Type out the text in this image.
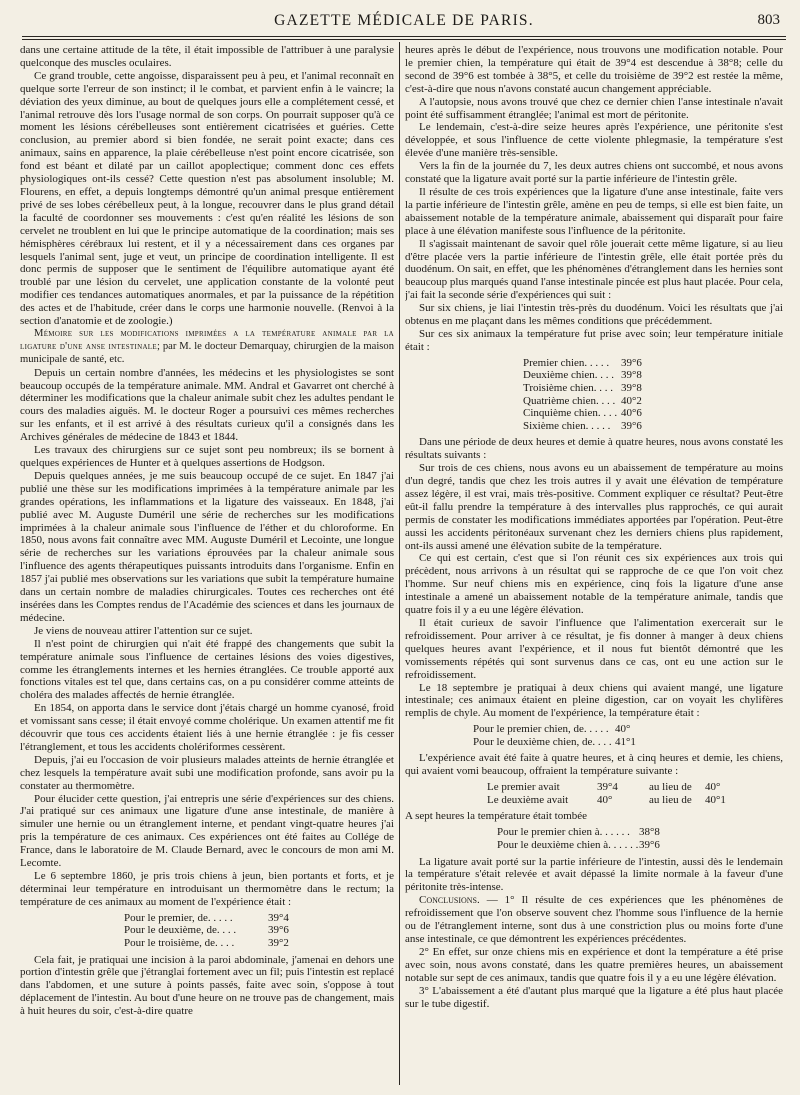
GAZETTE MÉDICALE DE PARIS.	803

dans une certaine attitude de la tête, il était impossible de l'attribuer à une paralysie quelconque des muscles oculaires.

Ce grand trouble, cette angoisse, disparaissent peu à peu, et l'animal reconnaît en quelque sorte l'erreur de son instinct; il le combat, et parvient enfin à le vaincre; la déviation des yeux diminue, au bout de quelques jours elle a complétement cessé, et l'animal retrouve dès lors l'usage normal de son corps. On pourrait supposer qu'à ce moment les lésions cérébelleuses sont entièrement cicatrisées et guéries. Cette conclusion, au premier abord si bien fondée, ne serait point exacte; dans ces animaux, sains en apparence, la plaie cérébelleuse n'est point encore cicatrisée, son fond est béant et dilaté par un caillot apoplectique; comment donc ces effets physiologiques ont-ils cessé? Cette question n'est pas absolument insoluble; M. Flourens, en effet, a depuis longtemps démontré qu'un animal presque entièrement privé de ses lobes cérébelleux peut, à la longue, recouvrer dans le plus grand détail la faculté de coordonner ses mouvements : c'est qu'en réalité les lésions de son cervelet ne troublent en lui que le principe automatique de la coordination; mais ses hémisphères cérébraux lui restent, et il y a nécessairement dans ces organes par lesquels l'animal sent, juge et veut, un principe de coordination intelligente. Il est donc permis de supposer que le sentiment de l'équilibre automatique ayant été troublé par une lésion du cervelet, une application constante de la volonté peut modifier ces tendances automatiques anormales, et par la puissance de la répétition des actes et de l'habitude, créer dans le corps une harmonie nouvelle. (Renvoi à la section d'anatomie et de zoologie.)

Mémoire sur les modifications imprimées a la température animale par la ligature d'une anse intestinale; par M. le docteur Demarquay, chirurgien de la maison municipale de santé, etc.

Depuis un certain nombre d'années, les médecins et les physiologistes se sont beaucoup occupés de la température animale. MM. Andral et Gavarret ont cherché à déterminer les modifications que la chaleur animale subit chez les adultes pendant le cours des maladies aiguës. M. le docteur Roger a poursuivi ces mêmes recherches sur les enfants, et il est arrivé à des résultats curieux qu'il a consignés dans les Archives générales de médecine de 1843 et 1844.

Les travaux des chirurgiens sur ce sujet sont peu nombreux; ils se bornent à quelques expériences de Hunter et à quelques assertions de Hodgson.

Depuis quelques années, je me suis beaucoup occupé de ce sujet. En 1847 j'ai publié une thèse sur les modifications imprimées à la température animale par les grandes opérations, les inflammations et la ligature des vaisseaux. En 1848, j'ai publié avec M. Auguste Duméril une série de recherches sur les modifications imprimées à la chaleur animale sous l'influence de l'éther et du chloroforme. En 1850, nous avons fait connaître avec MM. Auguste Duméril et Lecointe, une longue série de recherches sur les variations éprouvées par la chaleur animale sous l'influence des agents thérapeutiques puissants introduits dans l'organisme. Enfin en 1857 j'ai publié mes observations sur les variations que subit la température humaine dans un certain nombre de maladies chirurgicales. Toutes ces recherches ont été insérées dans les Comptes rendus de l'Académie des sciences et dans les journaux de médecine.

Je viens de nouveau attirer l'attention sur ce sujet.

Il n'est point de chirurgien qui n'ait été frappé des changements que subit la température animale sous l'influence de certaines lésions des voies digestives, comme les étranglements internes et les hernies étranglées. Ce trouble apporté aux fonctions vitales est tel que, dans certains cas, on a pu considérer comme atteints de choléra des malades affectés de hernie étranglée.

En 1854, on apporta dans le service dont j'étais chargé un homme cyanosé, froid et vomissant sans cesse; il était envoyé comme cholérique. Un examen attentif me fit découvrir que tous ces accidents étaient liés à une hernie étranglée : je fis cesser l'étranglement, et tous les accidents cholériformes cessèrent.

Depuis, j'ai eu l'occasion de voir plusieurs malades atteints de hernie étranglée et chez lesquels la température avait subi une modification profonde, sans avoir pu la constater au thermomètre.

Pour élucider cette question, j'ai entrepris une série d'expériences sur des chiens. J'ai pratiqué sur ces animaux une ligature d'une anse intestinale, de manière à simuler une hernie ou un étranglement interne, et pendant vingt-quatre heures j'ai pris la température de ces animaux. Ces expériences ont été faites au Collége de France, dans le laboratoire de M. Claude Bernard, avec le concours de mon ami M. Lecomte.

Le 6 septembre 1860, je pris trois chiens à jeun, bien portants et forts, et je déterminai leur température en introduisant un thermomètre dans le rectum; la température de ces animaux au moment de l'expérience était :

Pour le premier, de. . . . .	39°4
Pour le deuxième, de. . . .	39°6
Pour le troisième, de. . . .	39°2

Cela fait, je pratiquai une incision à la paroi abdominale, j'amenai en dehors une portion d'intestin grêle que j'étranglai fortement avec un fil; puis l'intestin est replacé dans l'abdomen, et une suture à points passés, faite avec soin, s'oppose à tout déplacement de l'intestin. Au bout d'une heure on ne trouve pas de changement, mais à huit heures du soir, c'est-à-dire quatre

heures après le début de l'expérience, nous trouvons une modification notable. Pour le premier chien, la température qui était de 39°4 est descendue à 38°8; celle du second de 39°6 est tombée à 38°5, et celle du troisième de 39°2 est restée la même, c'est-à-dire que nous n'avons constaté aucun changement appréciable.

A l'autopsie, nous avons trouvé que chez ce dernier chien l'anse intestinale n'avait point été suffisamment étranglée; l'animal est mort de péritonite.

Le lendemain, c'est-à-dire seize heures après l'expérience, une péritonite s'est développée, et sous l'influence de cette violente phlegmasie, la température s'est élevée d'une manière très-sensible.

Vers la fin de la journée du 7, les deux autres chiens ont succombé, et nous avons constaté que la ligature avait porté sur la partie inférieure de l'intestin grêle.

Il résulte de ces trois expériences que la ligature d'une anse intestinale, faite vers la partie inférieure de l'intestin grêle, amène en peu de temps, si elle est bien faite, un abaissement notable de la température animale, abaissement qui disparaît pour faire place à une élévation manifeste sous l'influence de la péritonite.

Il s'agissait maintenant de savoir quel rôle jouerait cette même ligature, si au lieu d'être placée vers la partie inférieure de l'intestin grêle, elle était portée près du duodénum. On sait, en effet, que les phénomènes d'étranglement dans les hernies sont beaucoup plus marqués quand l'anse intestinale pincée est plus haut placée. Pour cela, j'ai fait la seconde série d'expériences qui suit :

Sur six chiens, je liai l'intestin très-près du duodénum. Voici les résultats que j'ai obtenus en me plaçant dans les mêmes conditions que précédemment.

Sur ces six animaux la température fut prise avec soin; leur température initiale était :

Premier chien. . . . .	39°6
Deuxième chien. . . . 39°8
Troisième chien. . . . 39°8
Quatrième chien. . . . 40°2
Cinquième chien. . . . 40°6
Sixième chien. . . . . 39°6

Dans une période de deux heures et demie à quatre heures, nous avons constaté les résultats suivants :

Sur trois de ces chiens, nous avons eu un abaissement de température au moins d'un degré, tandis que chez les trois autres il y avait une élévation de température assez légère, il est vrai, mais très-positive. Comment expliquer ce résultat? Peut-être eût-il fallu prendre la température à des intervalles plus rapprochés, ce qui aurait permis de constater les modifications immédiates apportées par l'opération. Peut-être aussi les accidents péritonéaux survenant chez les derniers chiens plus rapidement, ont-ils aussi amené une élévation subite de la température.

Ce qui est certain, c'est que si l'on réunit ces six expériences aux trois qui précèdent, nous arrivons à un résultat qui se rapproche de ce que l'on voit chez l'homme. Sur neuf chiens mis en expérience, cinq fois la ligature d'une anse intestinale a amené un abaissement notable de la température animale, tandis que quatre fois il y a eu une légère élévation.

Il était curieux de savoir l'influence que l'alimentation exercerait sur le refroidissement. Pour arriver à ce résultat, je fis donner à manger à deux chiens quelques heures avant l'expérience, et il nous fut bientôt démontré que les vomissements répétés qui sont survenus dans ce cas, ont eu une action sur le refroidissement.

Le 18 septembre je pratiquai à deux chiens qui avaient mangé, une ligature intestinale; ces animaux étaient en pleine digestion, car on voyait les chylifères remplis de chyle. Au moment de l'expérience, la température était :

Pour le premier chien, de. . . . . 40°
Pour le deuxième chien, de. . . . 41°1

L'expérience avait été faite à quatre heures, et à cinq heures et demie, les chiens, qui avaient vomi beaucoup, offraient la température suivante :

Le premier avait	39°4	au lieu de	40°
Le deuxième avait	40°	au lieu de	40°1

A sept heures la température était tombée

Pour le premier chien à. . . . . . 38°8
Pour le deuxième chien à. . . . . . 39°6

La ligature avait porté sur la partie inférieure de l'intestin, aussi dès le lendemain la température s'était relevée et avait dépassé la limite normale à la faveur d'une péritonite très-intense.

Conclusions. — 1° Il résulte de ces expériences que les phénomènes de refroidissement que l'on observe souvent chez l'homme sous l'influence de la hernie ou de l'étranglement interne, sont dus à une constriction plus ou moins forte d'une anse intestinale, ce que démontrent les expériences précédentes.

2° En effet, sur onze chiens mis en expérience et dont la température a été prise avec soin, nous avons constaté, dans les quatre premières heures, un abaissement notable sur sept de ces animaux, tandis que quatre fois il y a eu une légère élévation.

3° L'abaissement a été d'autant plus marqué que la ligature a été plus haut placée sur le tube digestif.
